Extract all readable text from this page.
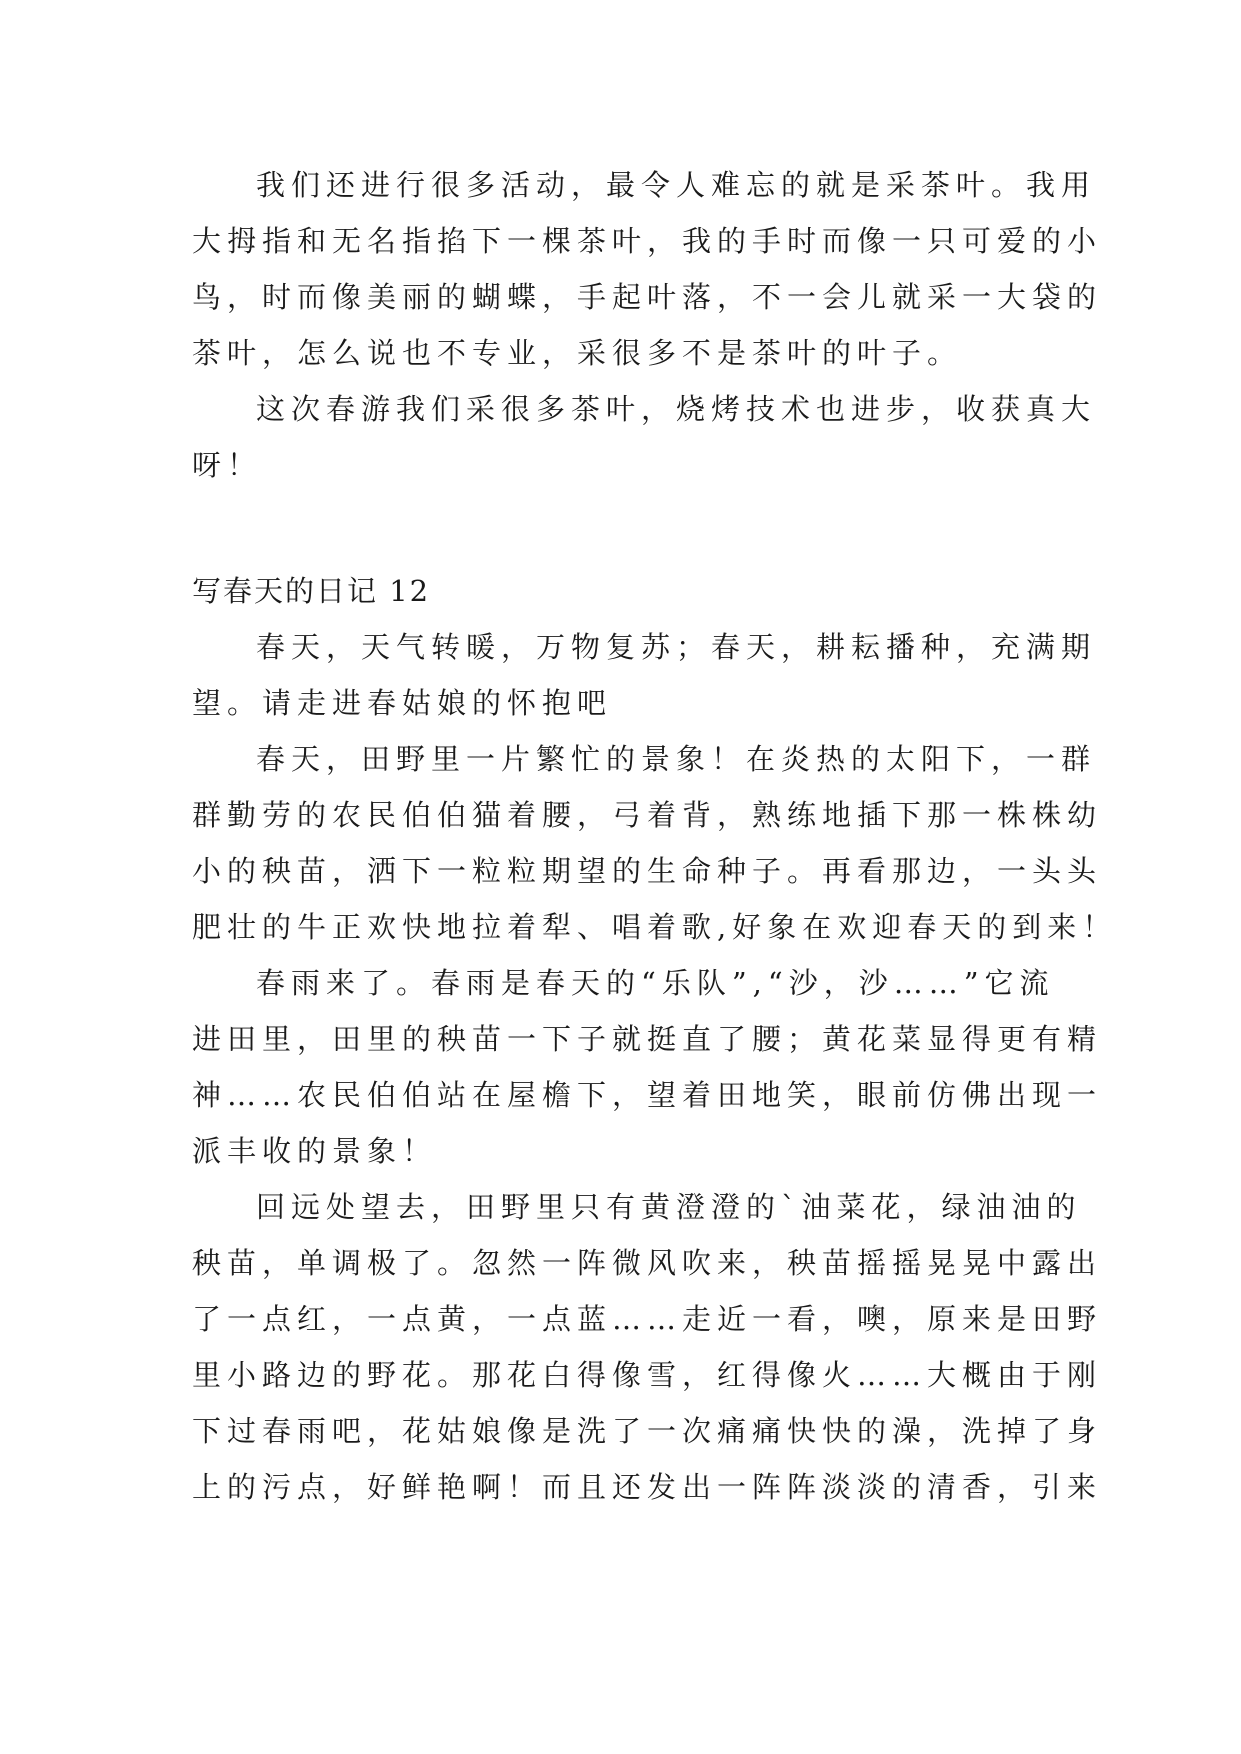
我们还进行很多活动，最令人难忘的就是采茶叶。我用
大拇指和无名指掐下一棵茶叶，我的手时而像一只可爱的小
鸟，时而像美丽的蝴蝶，手起叶落，不一会儿就采一大袋的
茶叶，怎么说也不专业，采很多不是茶叶的叶子。
这次春游我们采很多茶叶，烧烤技术也进步，收获真大
呀！
写春天的日记 12
春天，天气转暖，万物复苏；春天，耕耘播种，充满期
望。请走进春姑娘的怀抱吧
春天，田野里一片繁忙的景象！在炎热的太阳下，一群
群勤劳的农民伯伯猫着腰，弓着背，熟练地插下那一株株幼
小的秧苗，洒下一粒粒期望的生命种子。再看那边，一头头
肥壮的牛正欢快地拉着犁、唱着歌,好象在欢迎春天的到来！
春雨来了。春雨是春天的“乐队”,“沙，沙……”它流
进田里，田里的秧苗一下子就挺直了腰；黄花菜显得更有精
神……农民伯伯站在屋檐下，望着田地笑，眼前仿佛出现一
派丰收的景象！
回远处望去，田野里只有黄澄澄的`油菜花，绿油油的
秧苗，单调极了。忽然一阵微风吹来，秧苗摇摇晃晃中露出
了一点红，一点黄，一点蓝……走近一看，噢，原来是田野
里小路边的野花。那花白得像雪，红得像火……大概由于刚
下过春雨吧，花姑娘像是洗了一次痛痛快快的澡，洗掉了身
上的污点，好鲜艳啊！而且还发出一阵阵淡淡的清香，引来
